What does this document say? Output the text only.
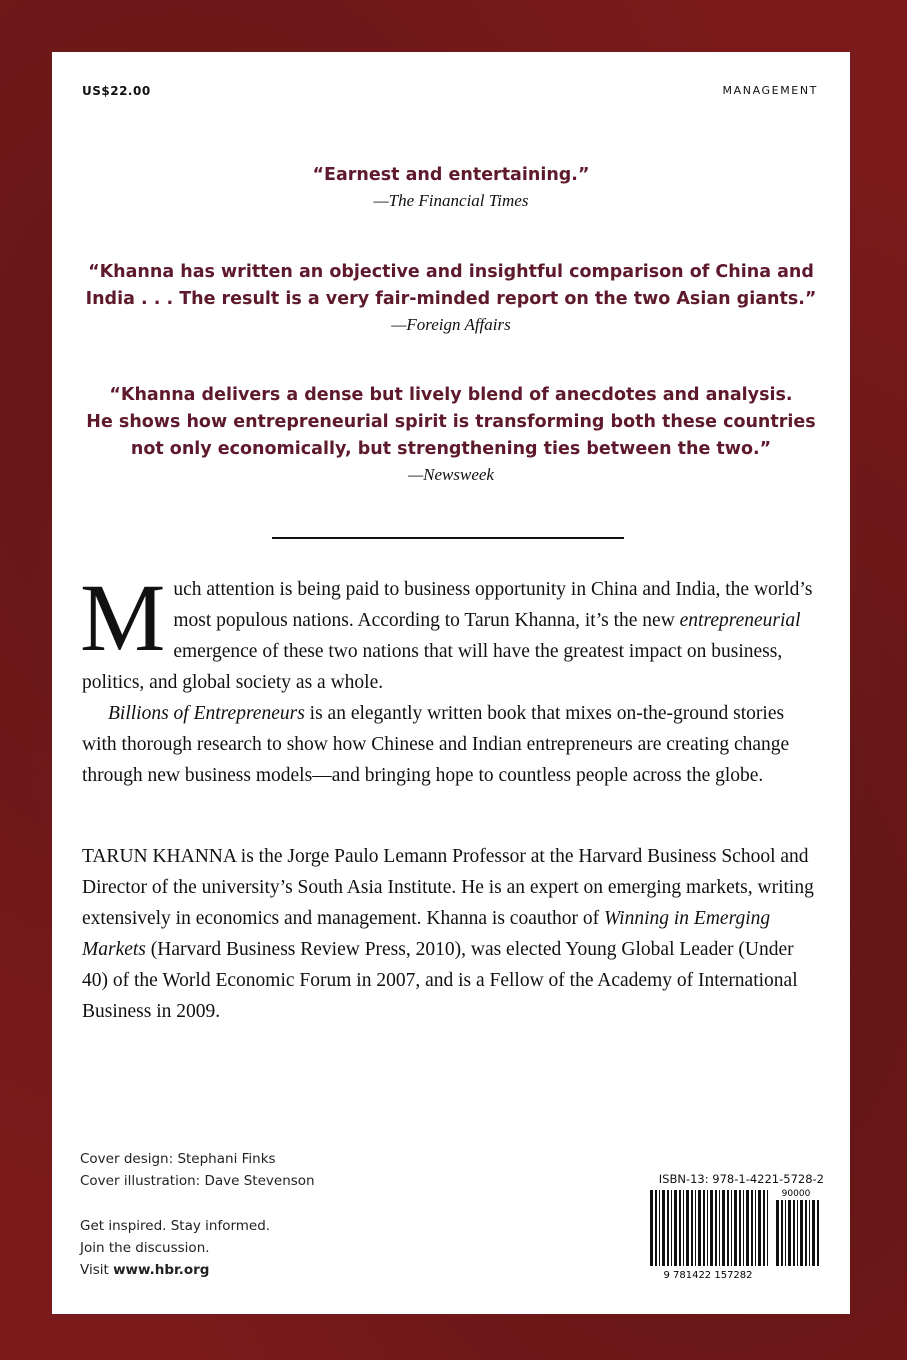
US$22.00	MANAGEMENT
“Earnest and entertaining.”
—The Financial Times
“Khanna has written an objective and insightful comparison of China and
India . . . The result is a very fair-minded report on the two Asian giants.”
—Foreign Affairs
“Khanna delivers a dense but lively blend of anecdotes and analysis.
He shows how entrepreneurial spirit is transforming both these countries
not only economically, but strengthening ties between the two.”
—Newsweek

Much attention is being paid to business opportunity in China and India, the world’s most populous nations. According to Tarun Khanna, it’s the new entrepreneurial emergence of these two nations that will have the greatest impact on business, politics, and global society as a whole.

Billions of Entrepreneurs is an elegantly written book that mixes on-the-ground stories with thorough research to show how Chinese and Indian entrepreneurs are creating change through new business models—and bringing hope to countless people across the globe.

TARUN KHANNA is the Jorge Paulo Lemann Professor at the Harvard Business School and Director of the university’s South Asia Institute. He is an expert on emerging markets, writing extensively in economics and management. Khanna is coauthor of Winning in Emerging Markets (Harvard Business Review Press, 2010), was elected Young Global Leader (Under 40) of the World Economic Forum in 2007, and is a Fellow of the Academy of International Business in 2009.
Cover design: Stephani Finks
Cover illustration: Dave Stevenson
Get inspired. Stay informed.
Join the discussion.
Visit www.hbr.org
ISBN-13: 978-1-4221-5728-2
90000
9 781422 157282
